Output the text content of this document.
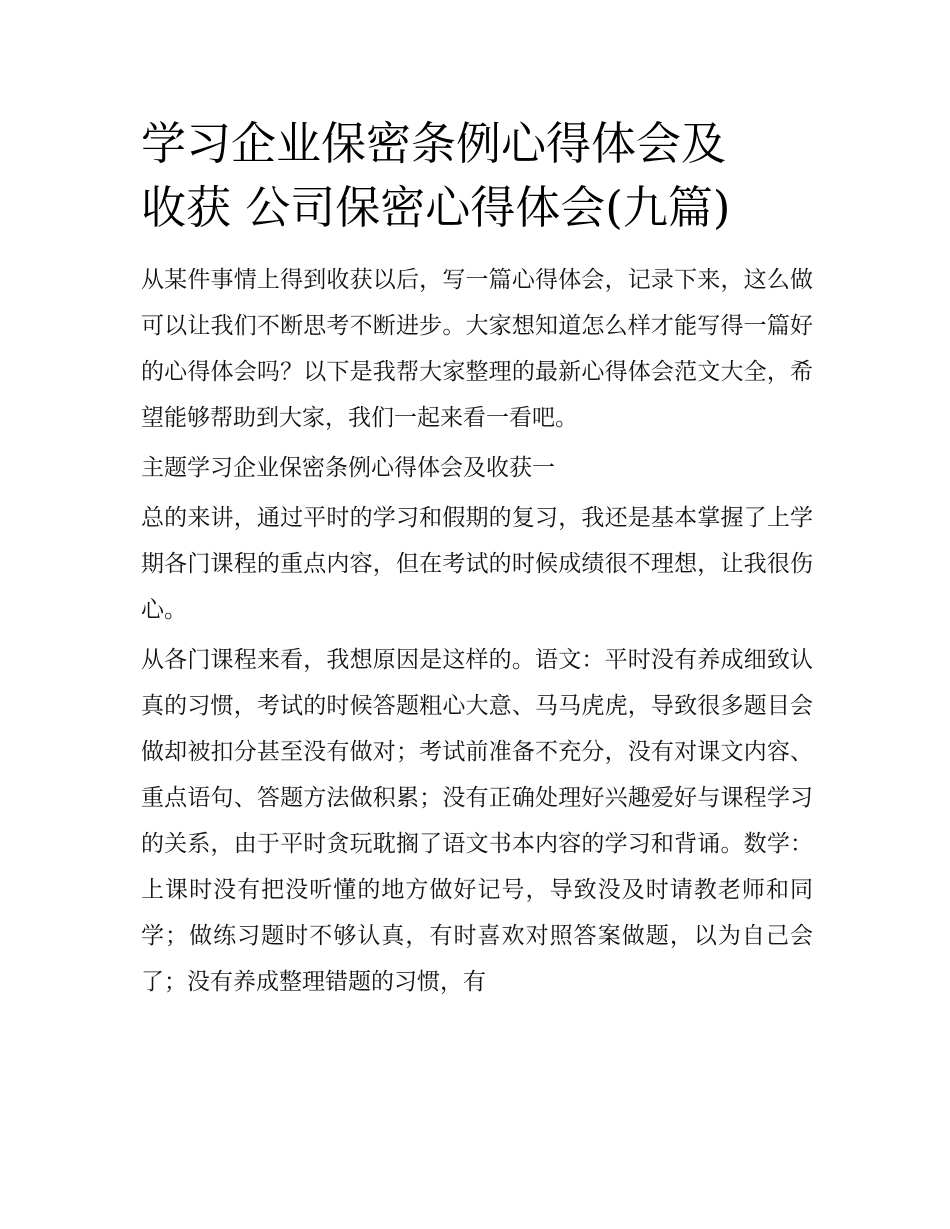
学习企业保密条例心得体会及
收获 公司保密心得体会(九篇)

从某件事情上得到收获以后，写一篇心得体会，记录下来，这么做可以让我们不断思考不断进步。大家想知道怎么样才能写得一篇好的心得体会吗？以下是我帮大家整理的最新心得体会范文大全，希望能够帮助到大家，我们一起来看一看吧。

主题学习企业保密条例心得体会及收获一

总的来讲，通过平时的学习和假期的复习，我还是基本掌握了上学期各门课程的重点内容，但在考试的时候成绩很不理想，让我很伤心。

从各门课程来看，我想原因是这样的。语文：平时没有养成细致认真的习惯，考试的时候答题粗心大意、马马虎虎，导致很多题目会做却被扣分甚至没有做对；考试前准备不充分，没有对课文内容、重点语句、答题方法做积累；没有正确处理好兴趣爱好与课程学习的关系，由于平时贪玩耽搁了语文书本内容的学习和背诵。数学：上课时没有把没听懂的地方做好记号，导致没及时请教老师和同学；做练习题时不够认真，有时喜欢对照答案做题，以为自己会了；没有养成整理错题的习惯，有
